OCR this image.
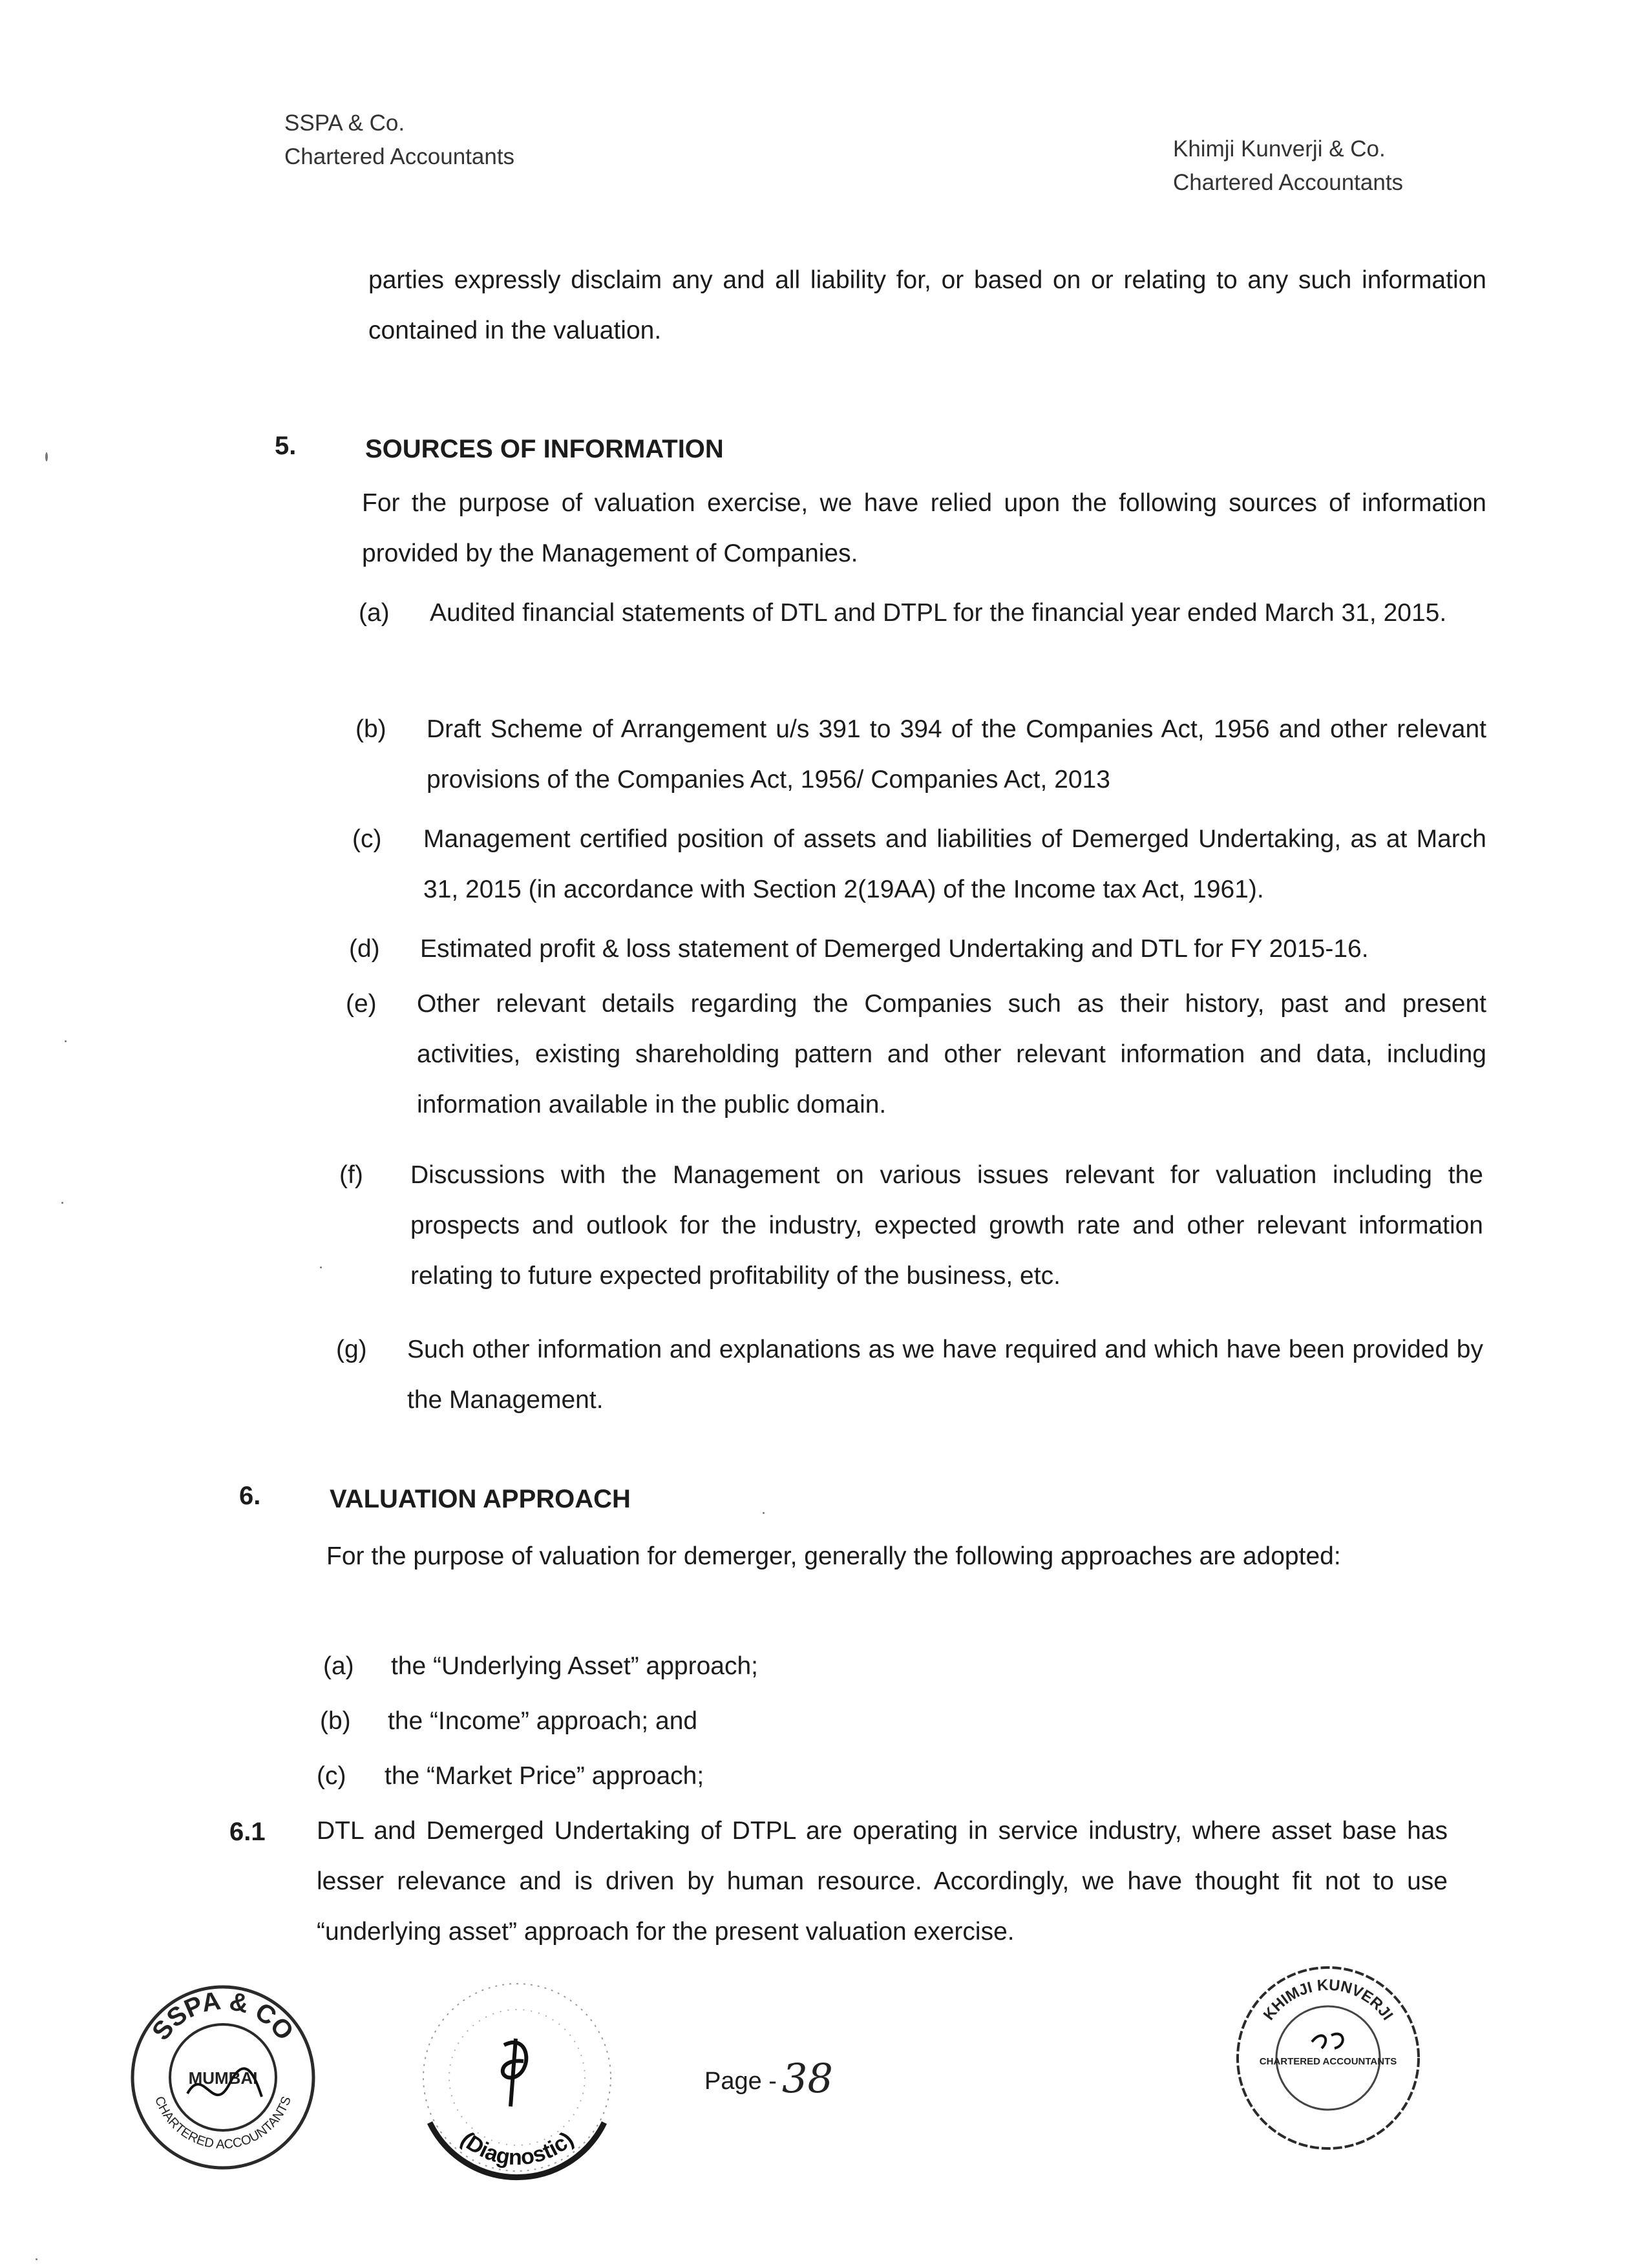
SSPA & Co.
Chartered Accountants	Khimji Kunverji & Co.
Chartered Accountants
parties expressly disclaim any and all liability for, or based on or relating to any such information contained in the valuation.
5.	SOURCES OF INFORMATION
For the purpose of valuation exercise, we have relied upon the following sources of information provided by the Management of Companies.
(a) Audited financial statements of DTL and DTPL for the financial year ended March 31, 2015.
(b) Draft Scheme of Arrangement u/s 391 to 394 of the Companies Act, 1956 and other relevant provisions of the Companies Act, 1956/ Companies Act, 2013
(c) Management certified position of assets and liabilities of Demerged Undertaking, as at March 31, 2015 (in accordance with Section 2(19AA) of the Income tax Act, 1961).
(d) Estimated profit & loss statement of Demerged Undertaking and DTL for FY 2015-16.
(e) Other relevant details regarding the Companies such as their history, past and present activities, existing shareholding pattern and other relevant information and data, including information available in the public domain.
(f) Discussions with the Management on various issues relevant for valuation including the prospects and outlook for the industry, expected growth rate and other relevant information relating to future expected profitability of the business, etc.
(g) Such other information and explanations as we have required and which have been provided by the Management.
6.	VALUATION APPROACH
For the purpose of valuation for demerger, generally the following approaches are adopted:
(a) the “Underlying Asset” approach;
(b) the “Income” approach; and
(c) the “Market Price” approach;
6.1 DTL and Demerged Undertaking of DTPL are operating in service industry, where asset base has lesser relevance and is driven by human resource. Accordingly, we have thought fit not to use “underlying asset” approach for the present valuation exercise.
SSPA & CO
CHARTERED ACCOUNTANTS
MUMBAI
(Diagnostic)
Page - 38
KHIMJI KUNVERJI
CHARTERED ACCOUNTANTS
